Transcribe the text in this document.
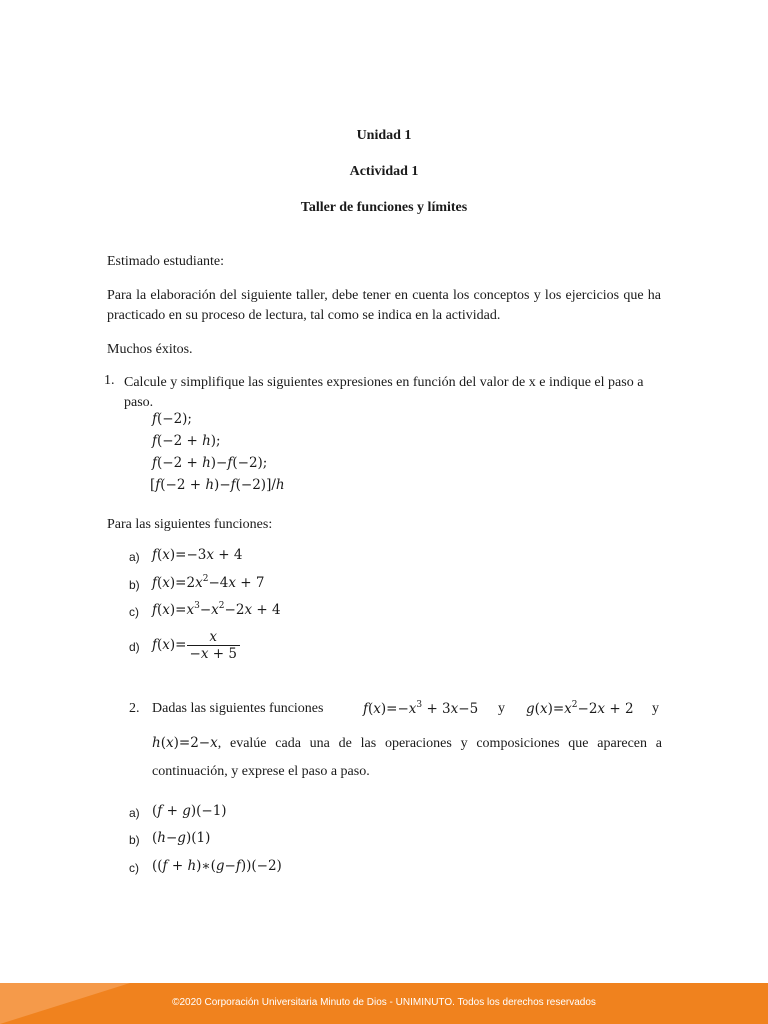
Unidad 1
Actividad 1
Taller de funciones y límites
Estimado estudiante:
Para la elaboración del siguiente taller, debe tener en cuenta los conceptos y los ejercicios que ha practicado en su proceso de lectura, tal como se indica en la actividad.
Muchos éxitos.
1. Calcule y simplifique las siguientes expresiones en función del valor de x e indique el paso a paso.
f(−2);
f(−2 + h);
f(−2 + h)−f(−2);
[f(−2 + h)−f(−2)]/h
Para las siguientes funciones:
a) f(x)=−3x + 4
b) $f(x)=2x^2-4x + 7$
c) $f(x)=x^3-x^2-2x + 4$
d) $f(x)= \frac{x}{-x + 5}$
2. Dadas las siguientes funciones	$f(x)=-x^3 + 3x-5$ y $g(x)=x^2-2x + 2$ y
h(x)=2−x, evalúe cada una de las operaciones y composiciones que aparecen a continuación, y exprese el paso a paso.
a) (f + g)(−1)
b) (h−g)(1)
c) ((f + h)∗(g−f))(−2)
©2020 Corporación Universitaria Minuto de Dios - UNIMINUTO. Todos los derechos reservados
